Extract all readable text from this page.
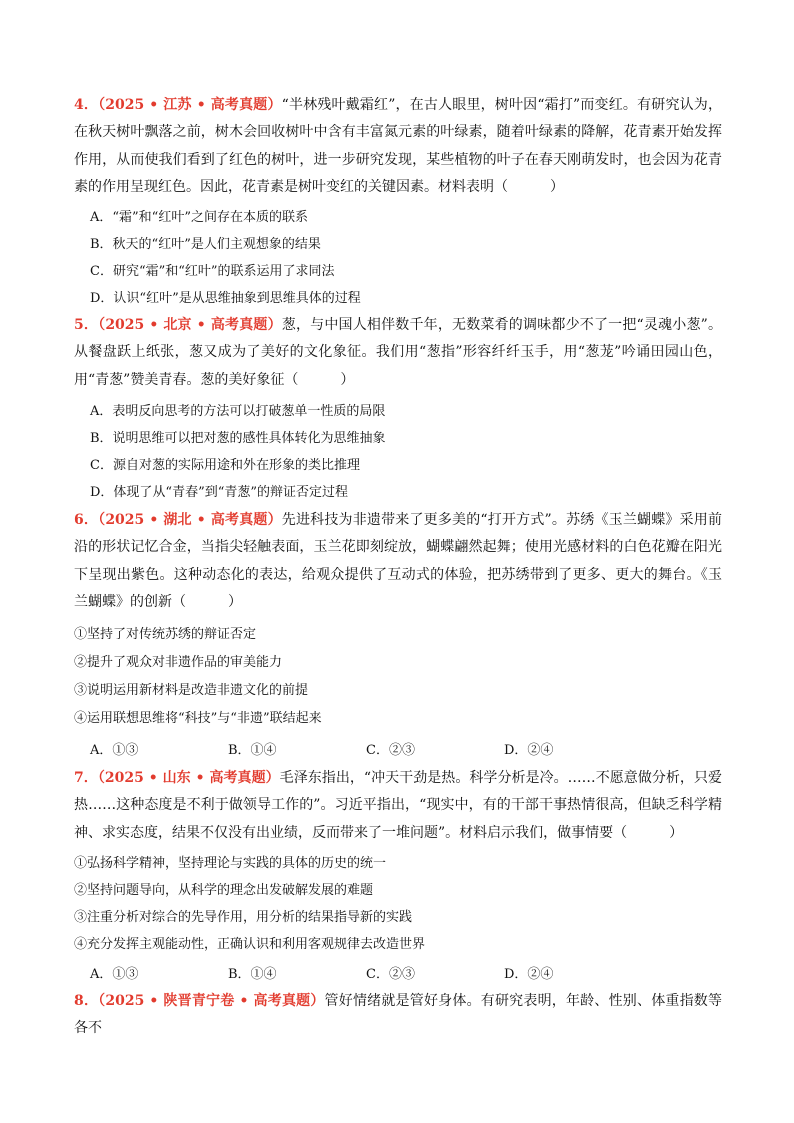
4．（2025 • 江苏 • 高考真题）“半林残叶戴霜红”，在古人眼里，树叶因“霜打”而变红。有研究认为，在秋天树叶飘落之前，树木会回收树叶中含有丰富氮元素的叶绿素，随着叶绿素的降解，花青素开始发挥作用，从而使我们看到了红色的树叶，进一步研究发现，某些植物的叶子在春天刚萌发时，也会因为花青素的作用呈现红色。因此，花青素是树叶变红的关键因素。材料表明（　　　）
A．“霜”和“红叶”之间存在本质的联系
B．秋天的“红叶”是人们主观想象的结果
C．研究“霜”和“红叶”的联系运用了求同法
D．认识“红叶”是从思维抽象到思维具体的过程
5．（2025 • 北京 • 高考真题）葱，与中国人相伴数千年，无数菜肴的调味都少不了一把“灵魂小葱”。从餐盘跃上纸张，葱又成为了美好的文化象征。我们用“葱指”形容纤纤玉手，用“葱茏”吟诵田园山色，用“青葱”赞美青春。葱的美好象征（　　　）
A．表明反向思考的方法可以打破葱单一性质的局限
B．说明思维可以把对葱的感性具体转化为思维抽象
C．源自对葱的实际用途和外在形象的类比推理
D．体现了从“青春”到“青葱”的辩证否定过程
6．（2025 • 湖北 • 高考真题）先进科技为非遗带来了更多美的“打开方式”。苏绣《玉兰蝴蝶》采用前沿的形状记忆合金，当指尖轻触表面，玉兰花即刻绽放，蝴蝶翩然起舞；使用光感材料的白色花瓣在阳光下呈现出紫色。这种动态化的表达，给观众提供了互动式的体验，把苏绣带到了更多、更大的舞台。《玉兰蝴蝶》的创新（　　　）
①坚持了对传统苏绣的辩证否定
②提升了观众对非遗作品的审美能力
③说明运用新材料是改造非遗文化的前提
④运用联想思维将“科技”与“非遗”联结起来
A．①③	B．①④	C．②③	D．②④
7．（2025 • 山东 • 高考真题）毛泽东指出，“冲天干劲是热。科学分析是冷。……不愿意做分析，只爱热……这种态度是不利于做领导工作的”。习近平指出，“现实中，有的干部干事热情很高，但缺乏科学精神、求实态度，结果不仅没有出业绩，反而带来了一堆问题”。材料启示我们，做事情要（　　　）
①弘扬科学精神，坚持理论与实践的具体的历史的统一
②坚持问题导向，从科学的理念出发破解发展的难题
③注重分析对综合的先导作用，用分析的结果指导新的实践
④充分发挥主观能动性，正确认识和利用客观规律去改造世界
A．①③	B．①④	C．②③	D．②④
8．（2025 • 陕晋青宁卷 • 高考真题）管好情绪就是管好身体。有研究表明，年龄、性别、体重指数等各不
